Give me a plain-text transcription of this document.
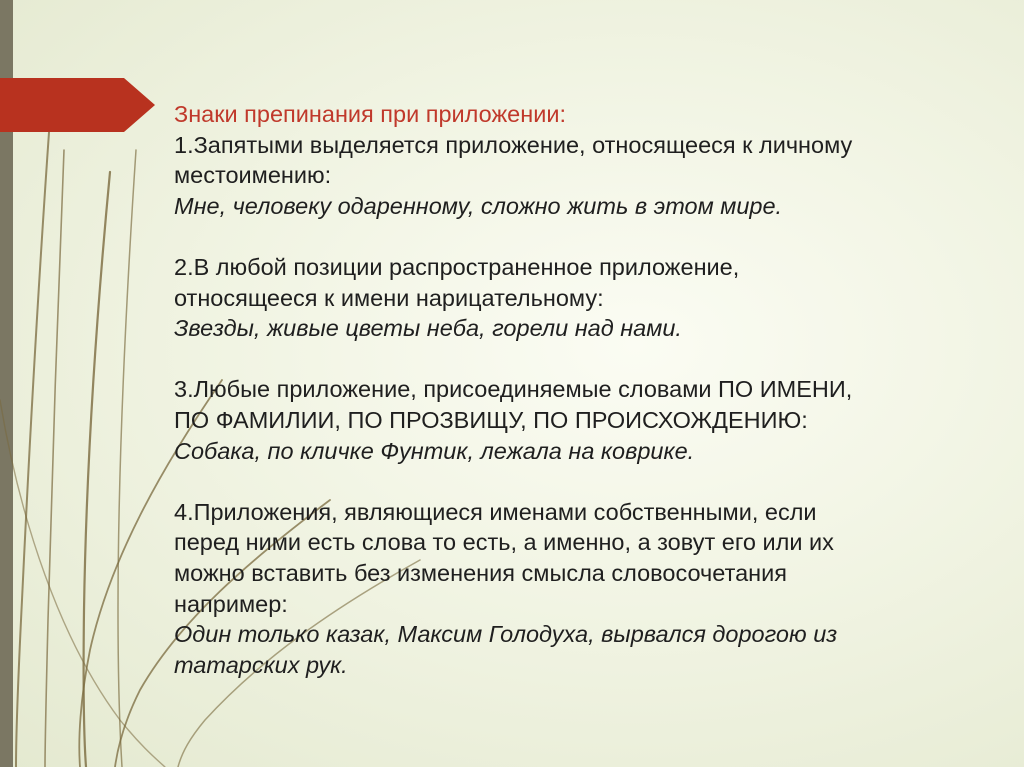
Знаки препинания при приложении:
1.Запятыми выделяется приложение, относящееся к личному
местоимению:
Мне, человеку одаренному, сложно жить в этом мире.
2.В любой позиции распространенное приложение,
относящееся к имени нарицательному:
Звезды, живые цветы неба, горели над нами.
3.Любые приложение, присоединяемые словами ПО ИМЕНИ,
ПО ФАМИЛИИ, ПО ПРОЗВИЩУ, ПО ПРОИСХОЖДЕНИЮ:
Собака, по кличке Фунтик, лежала на коврике.
4.Приложения, являющиеся именами собственными, если
перед ними есть слова то есть, а именно, а зовут его или их
можно вставить без изменения смысла словосочетания
например:
Один только казак, Максим Голодуха, вырвался дорогою из
татарских рук.
